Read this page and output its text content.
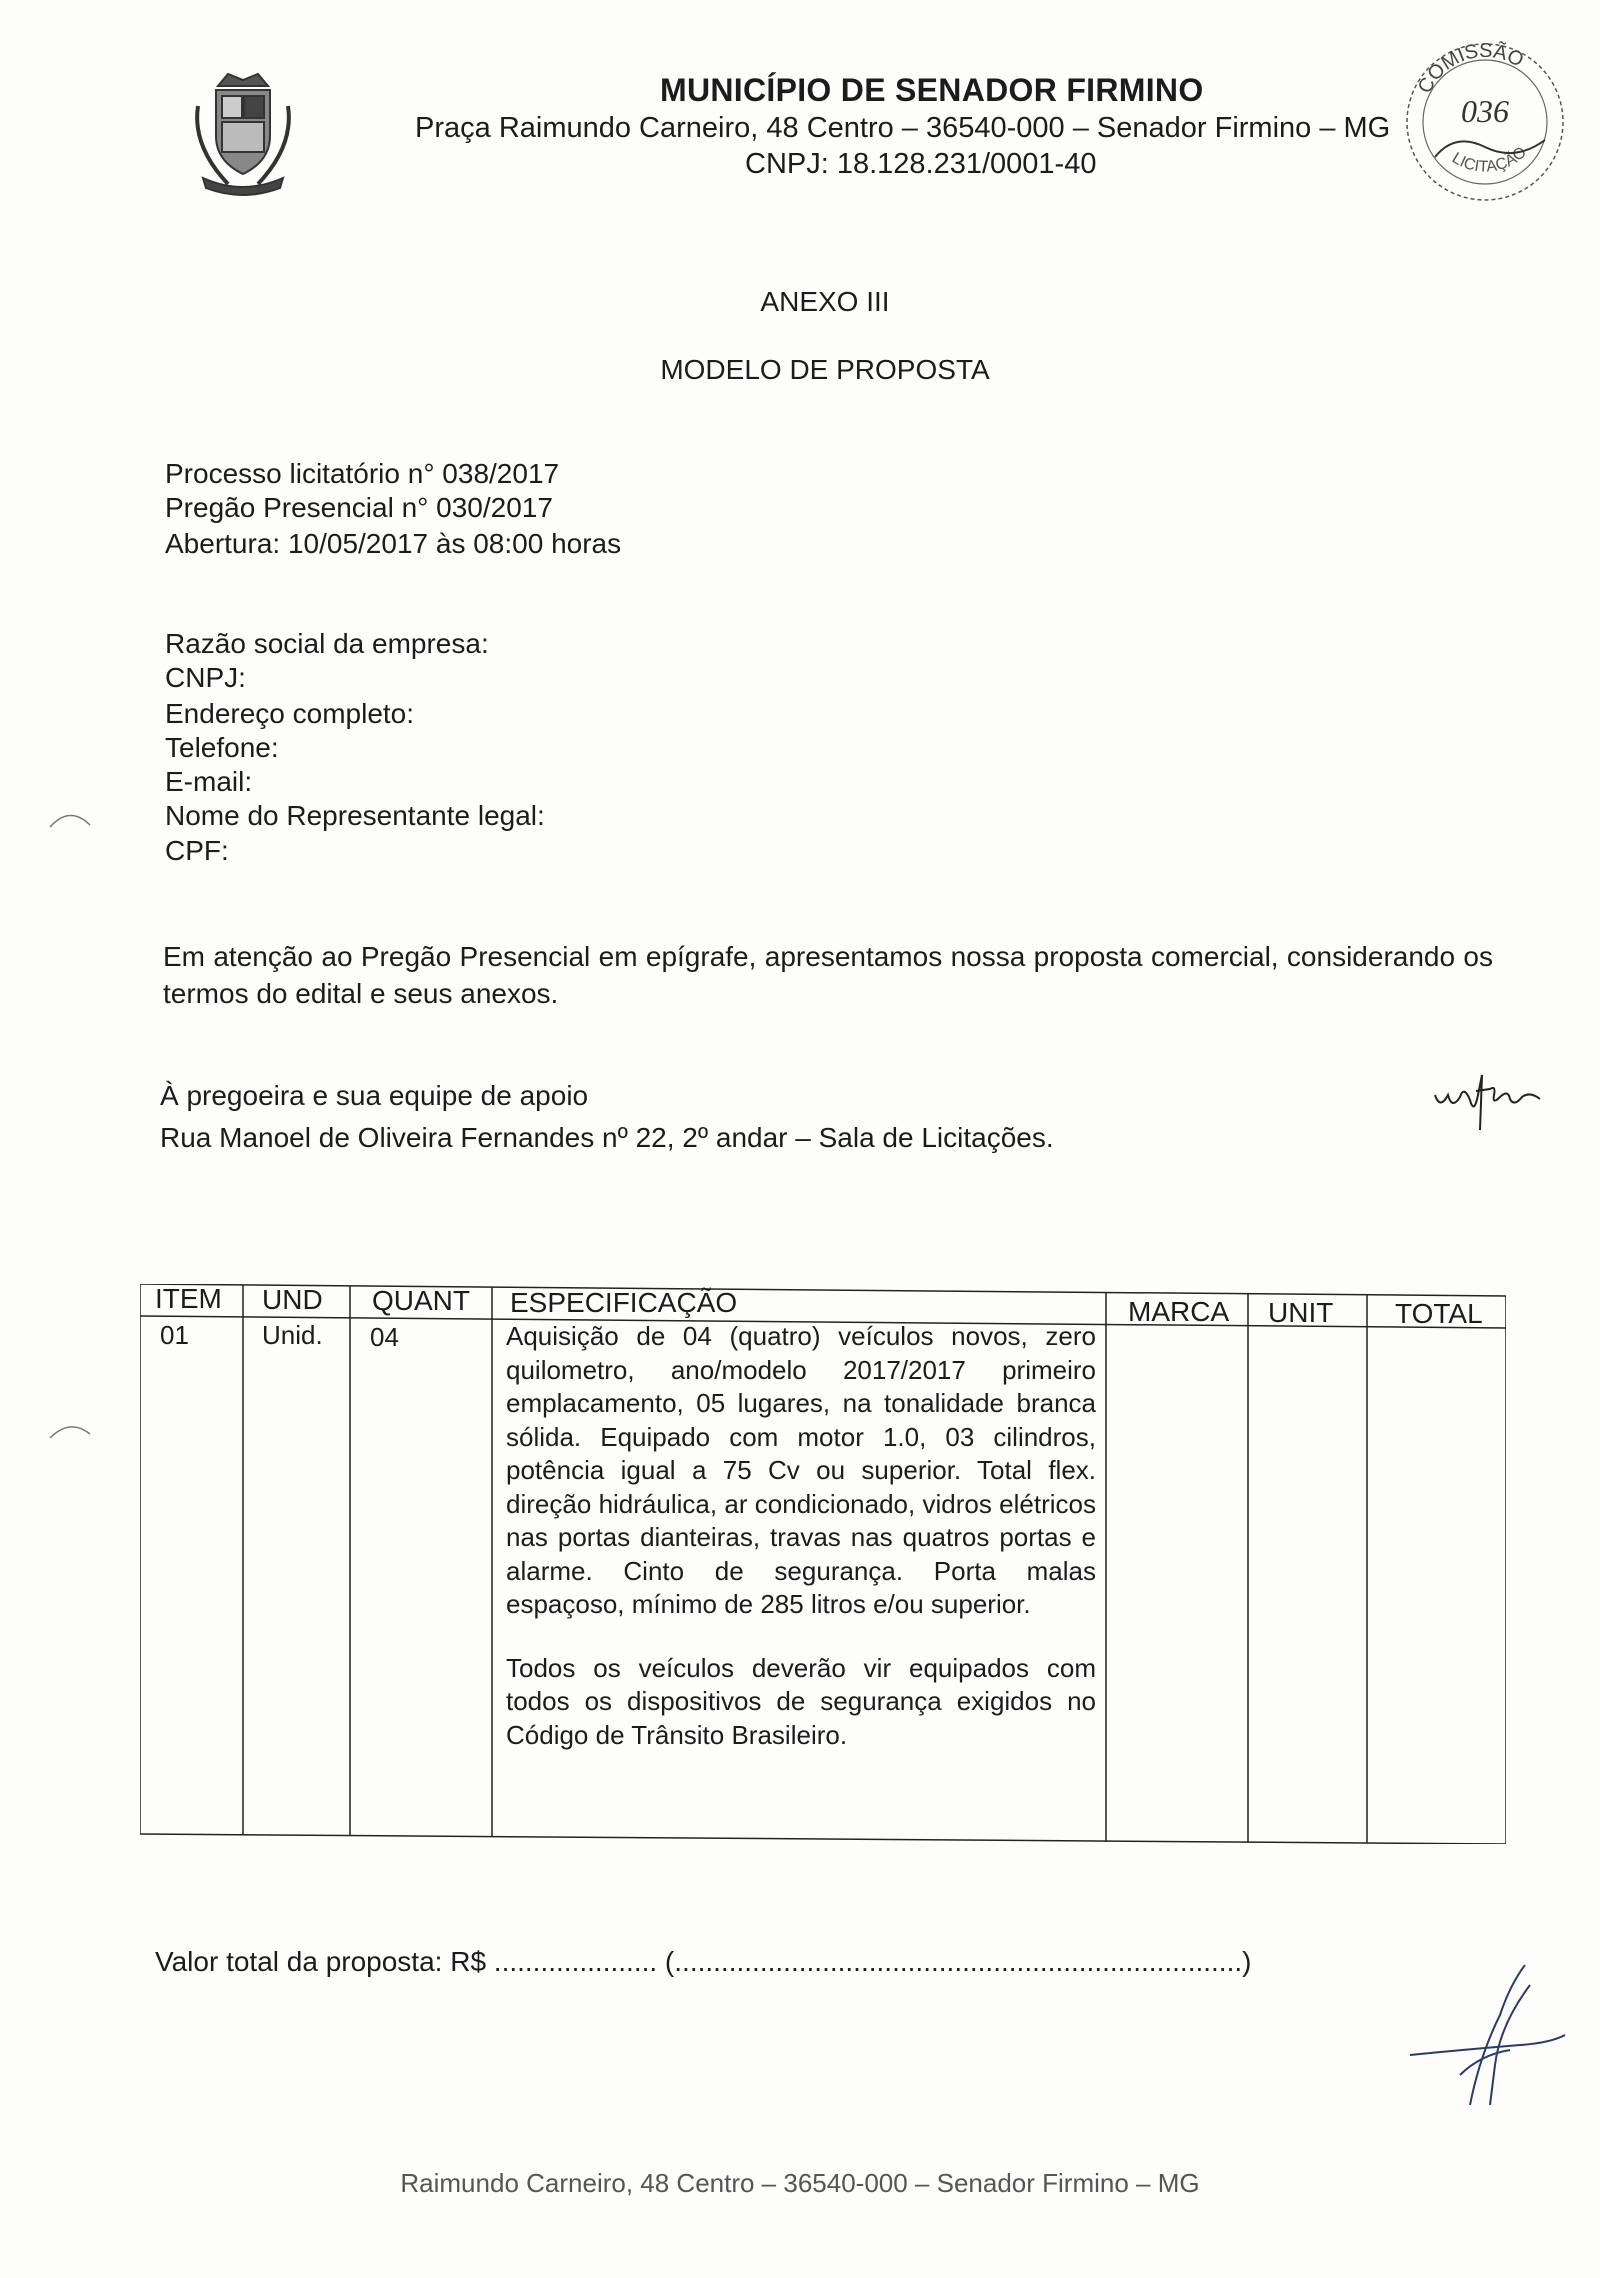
MUNICÍPIO DE SENADOR FIRMINO
Praça Raimundo Carneiro, 48 Centro – 36540-000 – Senador Firmino – MG
CNPJ: 18.128.231/0001-40
COMISSÃO
036
LICITAÇÃO
ANEXO III
MODELO DE PROPOSTA
Processo licitatório n° 038/2017
Pregão Presencial n° 030/2017
Abertura: 10/05/2017 às 08:00 horas
Razão social da empresa:
CNPJ:
Endereço completo:
Telefone:
E-mail:
Nome do Representante legal:
CPF:
Em atenção ao Pregão Presencial em epígrafe, apresentamos nossa proposta comercial, considerando os termos do edital e seus anexos.
À pregoeira e sua equipe de apoio
Rua Manoel de Oliveira Fernandes nº 22, 2º andar – Sala de Licitações.
ITEM UND QUANT ESPECIFICAÇÃO	MARCA UNIT TOTAL
01	Unid. 04	Aquisição de 04 (quatro) veículos novos, zero quilometro, ano/modelo 2017/2017 primeiro emplacamento, 05 lugares, na tonalidade branca sólida. Equipado com motor 1.0, 03 cilindros, potência igual a 75 Cv ou superior. Total flex. direção hidráulica, ar condicionado, vidros elétricos nas portas dianteiras, travas nas quatros portas e alarme. Cinto de segurança. Porta malas espaçoso, mínimo de 285 litros e/ou superior.

Todos os veículos deverão vir equipados com todos os dispositivos de segurança exigidos no Código de Trânsito Brasileiro.

Valor total da proposta: R$ ..................... (.........................................................................)
Raimundo Carneiro, 48 Centro – 36540-000 – Senador Firmino – MG
